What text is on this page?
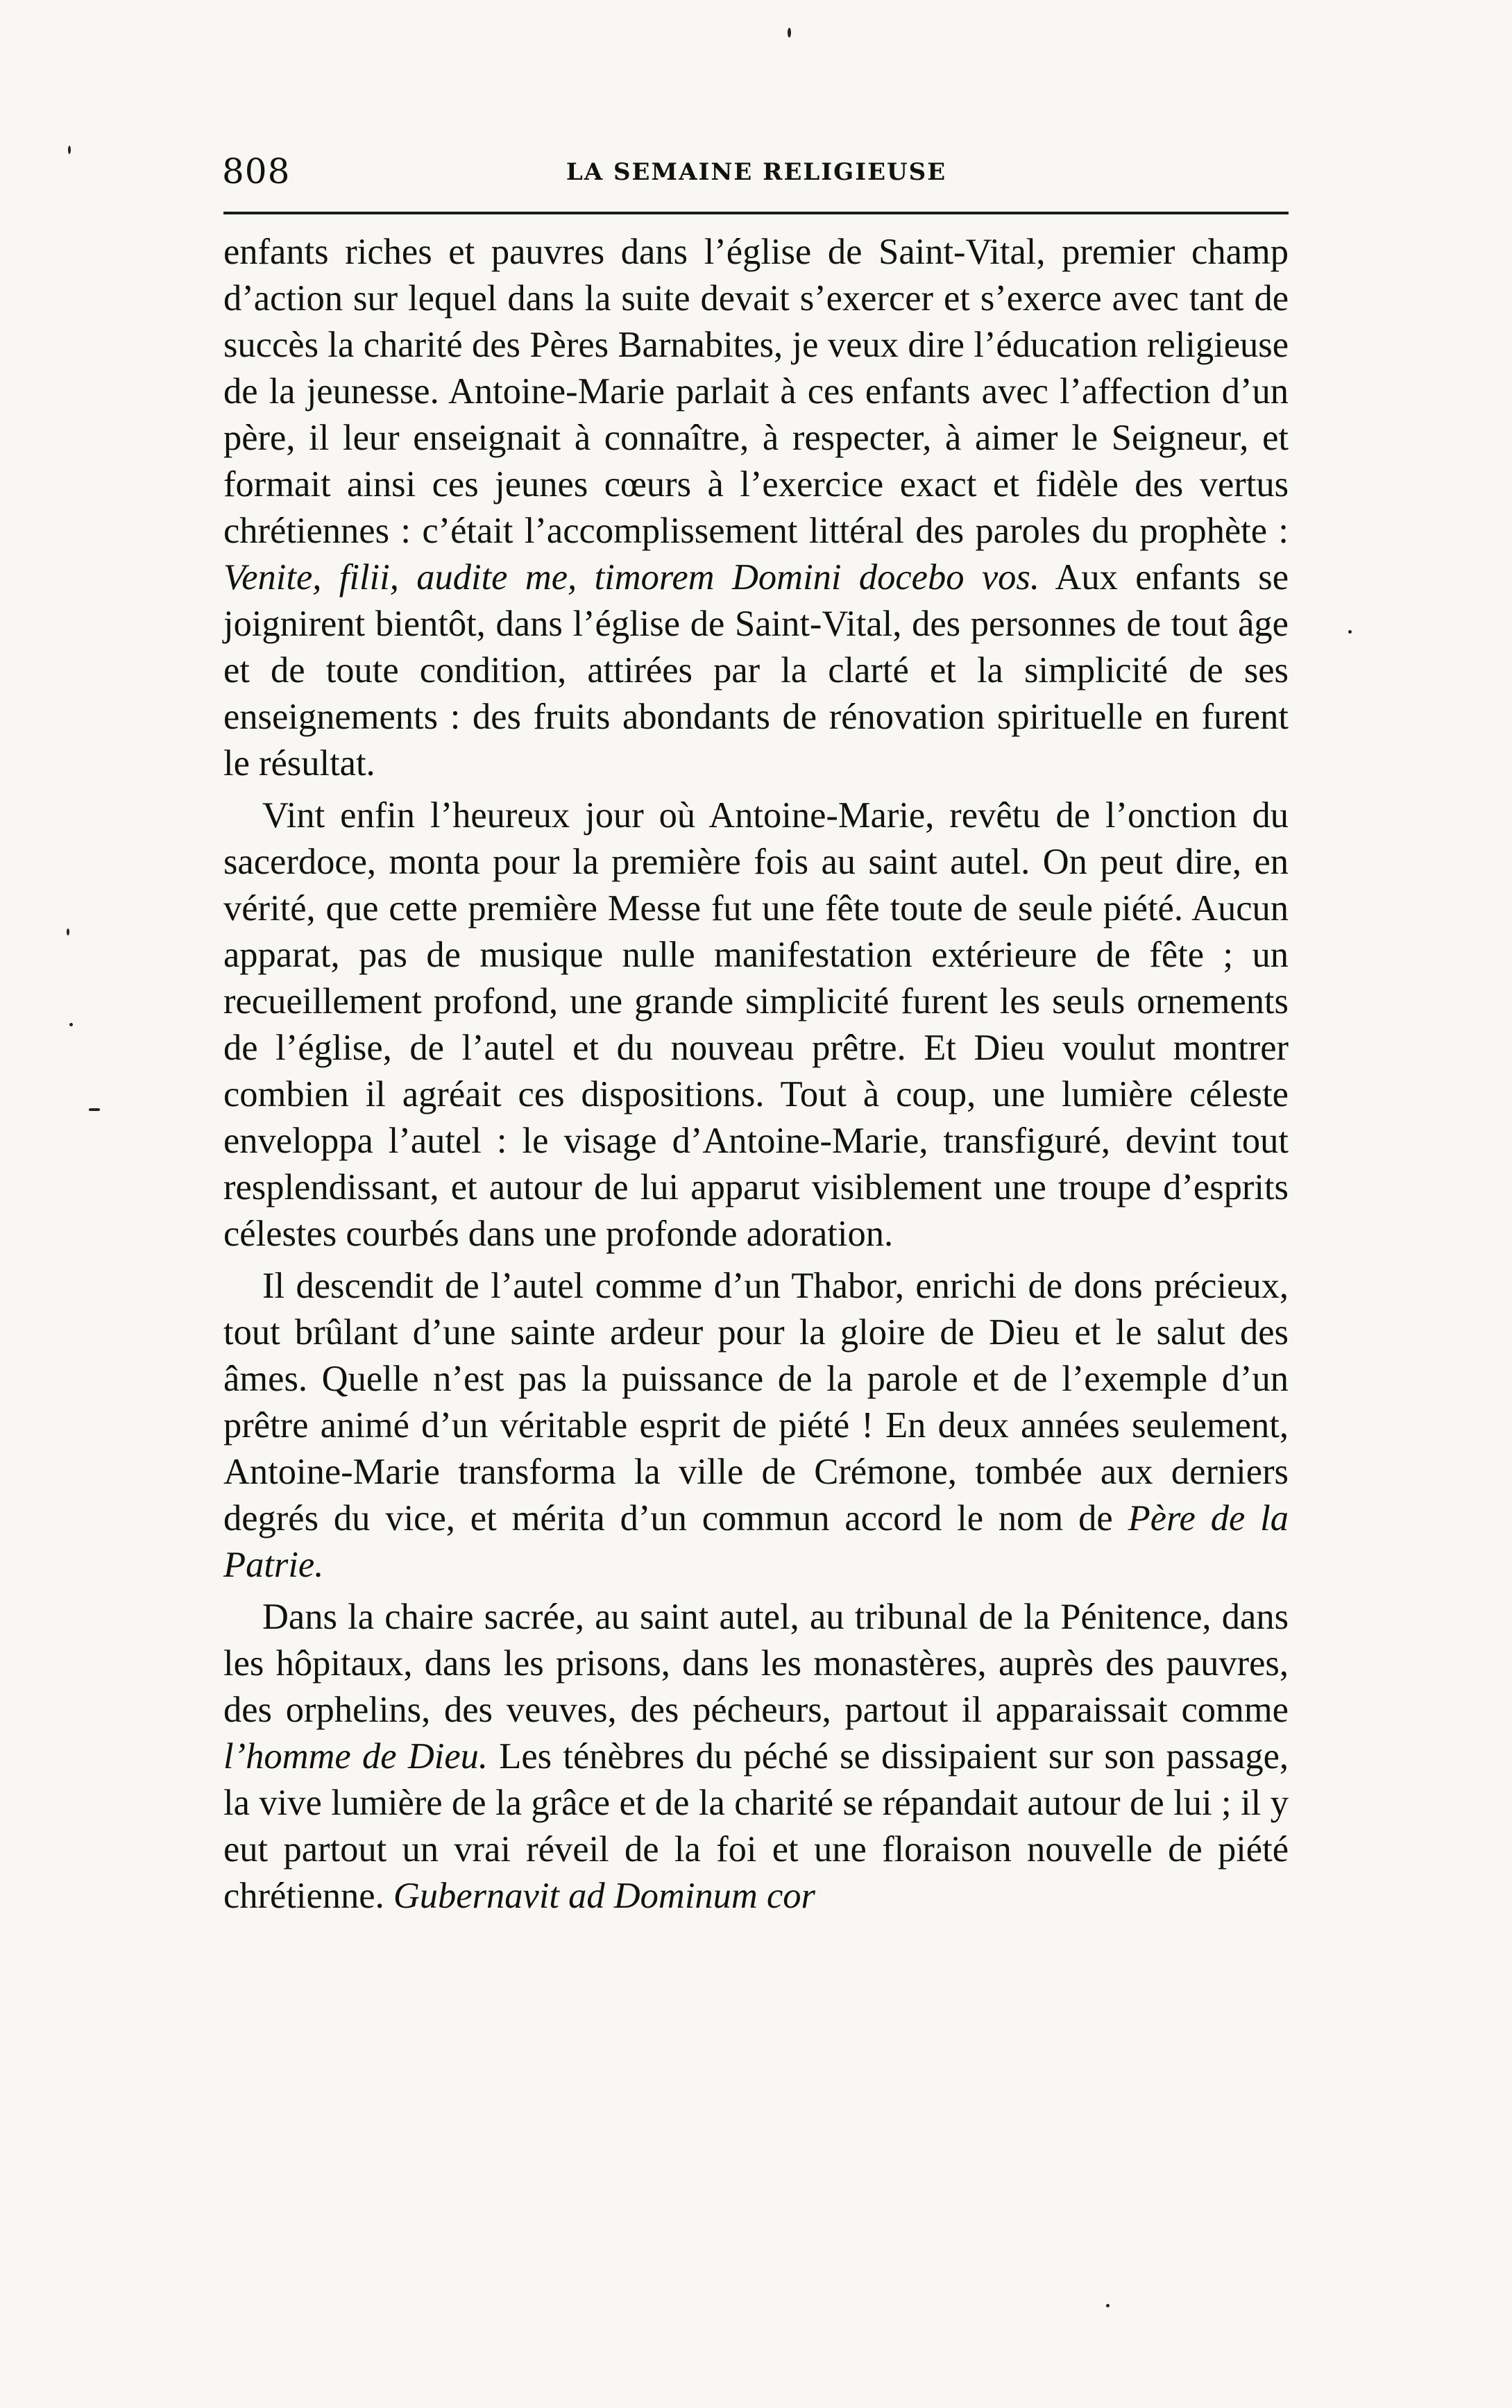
808	LA SEMAINE RELIGIEUSE

enfants riches et pauvres dans l’église de Saint-Vital, premier champ d’action sur lequel dans la suite devait s’exercer et s’exerce avec tant de succès la charité des Pères Barnabites, je veux dire l’éducation religieuse de la jeunesse. Antoine-Marie parlait à ces enfants avec l’affection d’un père, il leur enseignait à connaître, à respecter, à aimer le Seigneur, et formait ainsi ces jeunes cœurs à l’exercice exact et fidèle des vertus chrétiennes : c’était l’accomplissement littéral des paroles du prophète : Venite, filii, audite me, timorem Domini docebo vos. Aux enfants se joignirent bientôt, dans l’église de Saint-Vital, des personnes de tout âge et de toute condition, attirées par la clarté et la simplicité de ses enseignements : des fruits abondants de rénovation spirituelle en furent le résultat.

Vint enfin l’heureux jour où Antoine-Marie, revêtu de l’onction du sacerdoce, monta pour la première fois au saint autel. On peut dire, en vérité, que cette première Messe fut une fête toute de seule piété. Aucun apparat, pas de musique nulle manifestation extérieure de fête ; un recueillement profond, une grande simplicité furent les seuls ornements de l’église, de l’autel et du nouveau prêtre. Et Dieu voulut montrer combien il agréait ces dispositions. Tout à coup, une lumière céleste enveloppa l’autel : le visage d’Antoine-Marie, transfiguré, devint tout resplendissant, et autour de lui apparut visiblement une troupe d’esprits célestes courbés dans une profonde adoration.

Il descendit de l’autel comme d’un Thabor, enrichi de dons précieux, tout brûlant d’une sainte ardeur pour la gloire de Dieu et le salut des âmes. Quelle n’est pas la puissance de la parole et de l’exemple d’un prêtre animé d’un véritable esprit de piété ! En deux années seulement, Antoine-Marie transforma la ville de Crémone, tombée aux derniers degrés du vice, et mérita d’un commun accord le nom de Père de la Patrie.

Dans la chaire sacrée, au saint autel, au tribunal de la Pénitence, dans les hôpitaux, dans les prisons, dans les monastères, auprès des pauvres, des orphelins, des veuves, des pécheurs, partout il apparaissait comme l’homme de Dieu. Les ténèbres du péché se dissipaient sur son passage, la vive lumière de la grâce et de la charité se répandait autour de lui ; il y eut partout un vrai réveil de la foi et une floraison nouvelle de piété chrétienne. Gubernavit ad Dominum cor
